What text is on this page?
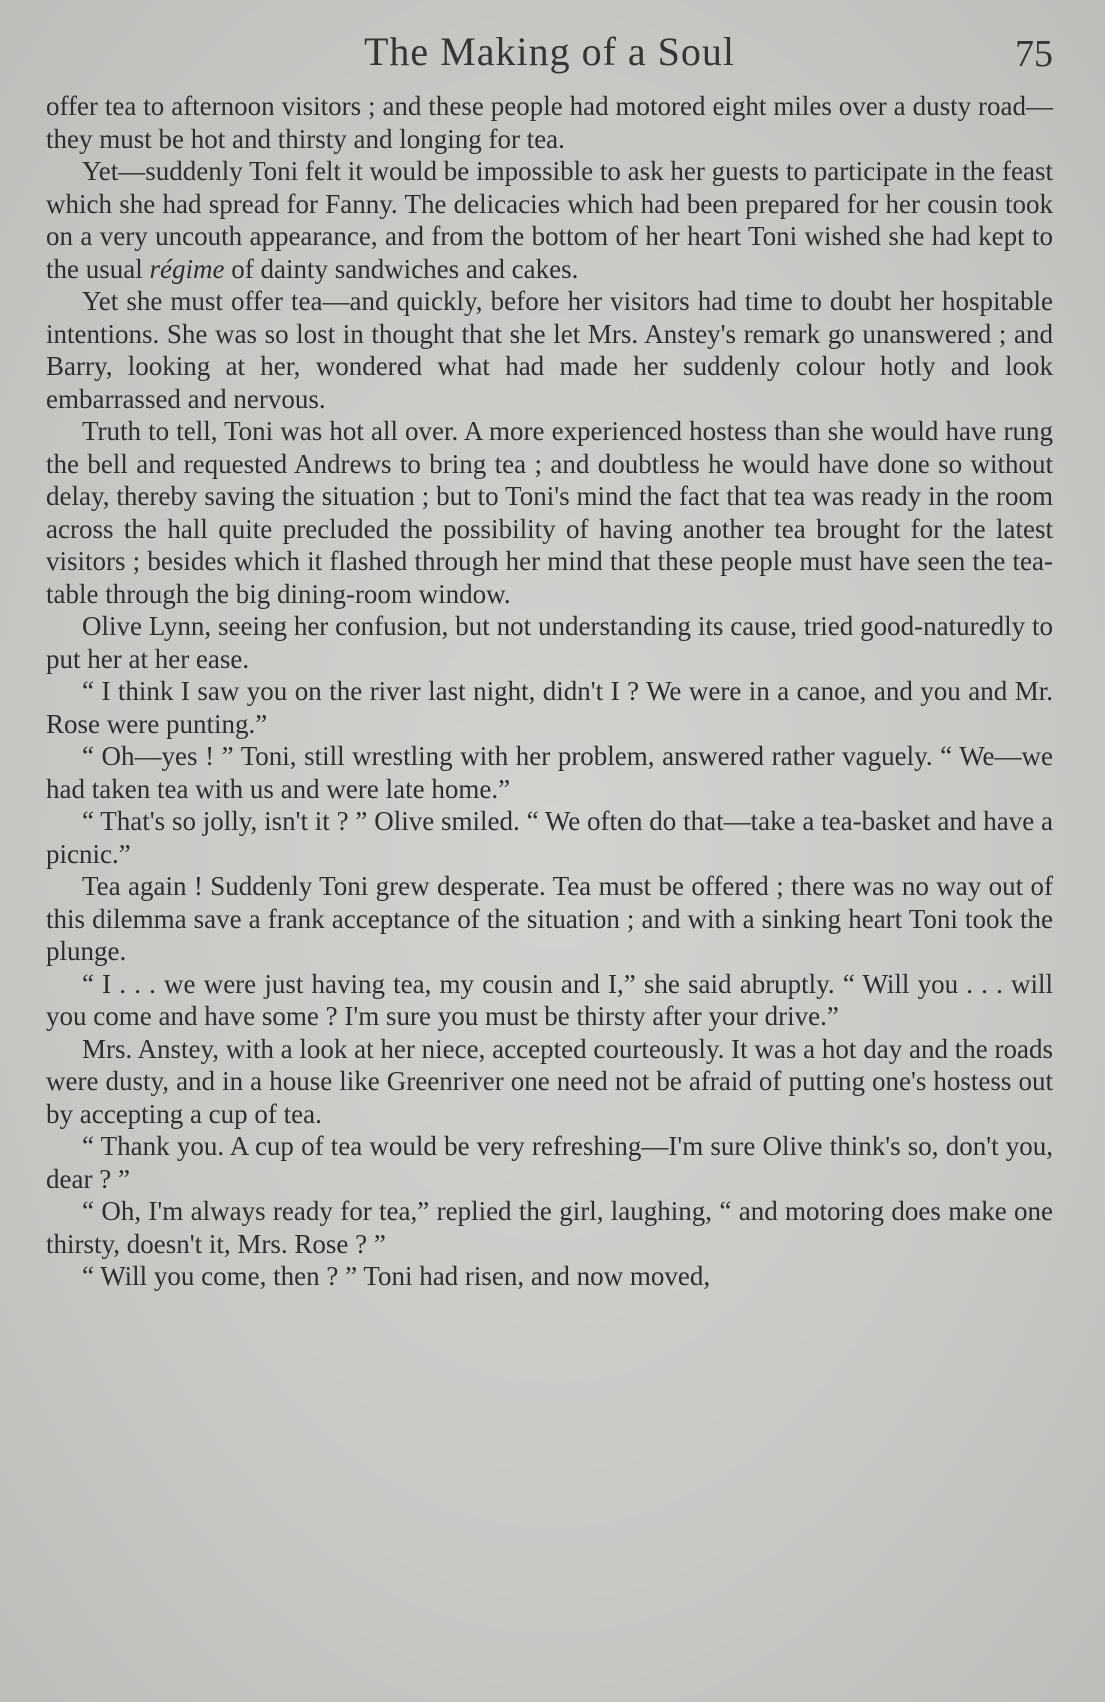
The Making of a Soul	75

offer tea to afternoon visitors ; and these people had motored eight miles over a dusty road—they must be hot and thirsty and longing for tea.

Yet—suddenly Toni felt it would be impossible to ask her guests to participate in the feast which she had spread for Fanny. The delicacies which had been prepared for her cousin took on a very uncouth appearance, and from the bottom of her heart Toni wished she had kept to the usual régime of dainty sandwiches and cakes.

Yet she must offer tea—and quickly, before her visitors had time to doubt her hospitable intentions. She was so lost in thought that she let Mrs. Anstey's remark go unanswered ; and Barry, looking at her, wondered what had made her suddenly colour hotly and look embarrassed and nervous.

Truth to tell, Toni was hot all over. A more experienced hostess than she would have rung the bell and requested Andrews to bring tea ; and doubtless he would have done so without delay, thereby saving the situation ; but to Toni's mind the fact that tea was ready in the room across the hall quite precluded the possibility of having another tea brought for the latest visitors ; besides which it flashed through her mind that these people must have seen the tea-table through the big dining-room window.

Olive Lynn, seeing her confusion, but not understanding its cause, tried good-naturedly to put her at her ease.

“ I think I saw you on the river last night, didn't I ? We were in a canoe, and you and Mr. Rose were punting.”

“ Oh—yes ! ” Toni, still wrestling with her problem, answered rather vaguely. “ We—we had taken tea with us and were late home.”

“ That's so jolly, isn't it ? ” Olive smiled. “ We often do that—take a tea-basket and have a picnic.”

Tea again ! Suddenly Toni grew desperate. Tea must be offered ; there was no way out of this dilemma save a frank acceptance of the situation ; and with a sinking heart Toni took the plunge.

“ I . . . we were just having tea, my cousin and I,” she said abruptly. “ Will you . . . will you come and have some ? I'm sure you must be thirsty after your drive.”

Mrs. Anstey, with a look at her niece, accepted courteously. It was a hot day and the roads were dusty, and in a house like Greenriver one need not be afraid of putting one's hostess out by accepting a cup of tea.

“ Thank you. A cup of tea would be very refreshing—I'm sure Olive think's so, don't you, dear ? ”

“ Oh, I'm always ready for tea,” replied the girl, laughing, “ and motoring does make one thirsty, doesn't it, Mrs. Rose ? ”

“ Will you come, then ? ” Toni had risen, and now moved,
